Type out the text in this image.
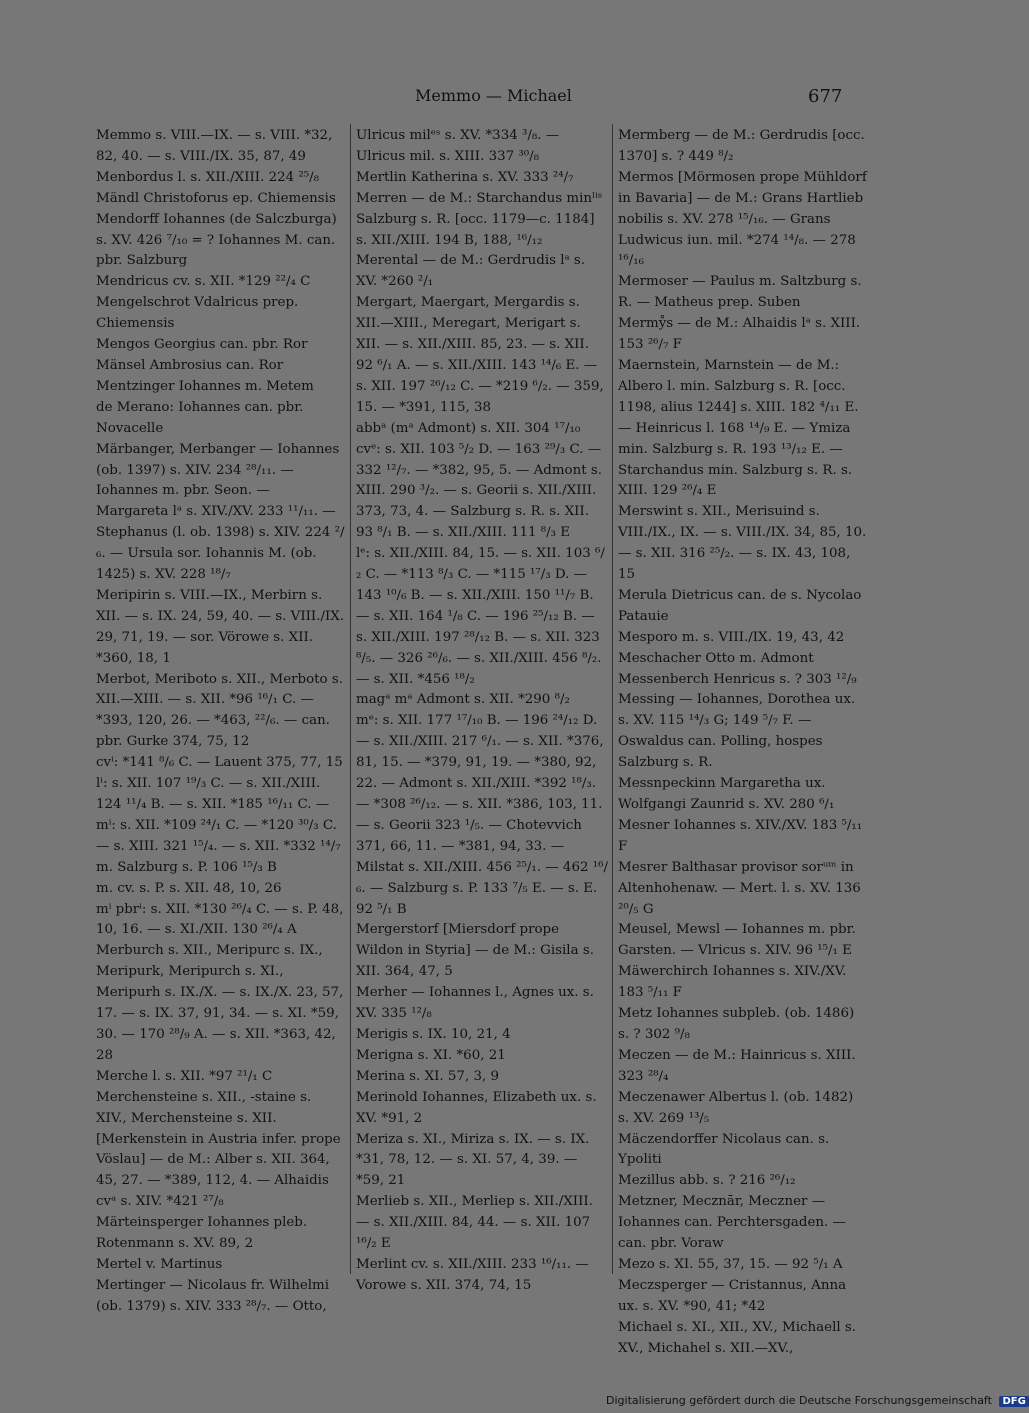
Memmo — Michael	677

Memmo s. VIII.—IX. — s. VIII. *32, 82, 40. — s. VIII./IX. 35, 87, 49

Menbordus l. s. XII./XIII. 224 ²⁵/₈

Mändl Christoforus ep. Chiemensis

Mendorff Iohannes (de Salczburga) s. XV. 426 ⁷/₁₀ = ? Iohannes M. can. pbr. Salzburg

Mendricus cv. s. XII. *129 ²²/₄ C

Mengelschrot Vdalricus prep. Chiemensis

Mengos Georgius can. pbr. Ror

Mänsel Ambrosius can. Ror

Mentzinger Iohannes m. Metem

de Merano: Iohannes can. pbr. Novacelle

Märbanger, Merbanger — Iohannes (ob. 1397) s. XIV. 234 ²⁸/₁₁. — Iohannes m. pbr. Seon. — Margareta lᵃ s. XIV./XV. 233 ¹¹/₁₁. — Stephanus (l. ob. 1398) s. XIV. 224 ²/₆. — Ursula sor. Iohannis M. (ob. 1425) s. XV. 228 ¹⁸/₇

Meripirin s. VIII.—IX., Merbirn s. XII. — s. IX. 24, 59, 40. — s. VIII./IX. 29, 71, 19. — sor. Vörowe s. XII. *360, 18, 1

Merbot, Meriboto s. XII., Merboto s. XII.—XIII. — s. XII. *96 ¹⁶/₁ C. — *393, 120, 26. — *463, ²²/₆. — can. pbr. Gurke 374, 75, 12

cvⁱ: *141 ⁸/₆ C. — Lauent 375, 77, 15

lⁱ: s. XII. 107 ¹⁹/₃ C. — s. XII./XIII. 124 ¹¹/₄ B. — s. XII. *185 ¹⁶/₁₁ C. — mⁱ: s. XII. *109 ²⁴/₁ C. — *120 ³⁰/₃ C. — s. XIII. 321 ¹⁵/₄. — s. XII. *332 ¹⁴/₇

m. Salzburg s. P. 106 ¹⁵/₃ B

m. cv. s. P. s. XII. 48, 10, 26

mⁱ pbrⁱ: s. XII. *130 ²⁶/₄ C. — s. P. 48, 10, 16. — s. XI./XII. 130 ²⁶/₄ A

Merburch s. XII., Meripurc s. IX., Meripurk, Meripurch s. XI., Meripurh s. IX./X. — s. IX./X. 23, 57, 17. — s. IX. 37, 91, 34. — s. XI. *59, 30. — 170 ²⁸/₉ A. — s. XII. *363, 42, 28

Merche l. s. XII. *97 ²¹/₁ C

Merchensteine s. XII., -staine s. XIV., Merchensteine s. XII. [Merkenstein in Austria infer. prope Vöslau] — de M.: Alber s. XII. 364, 45, 27. — *389, 112, 4. — Alhaidis cvᵃ s. XIV. *421 ²⁷/₈

Märteinsperger Iohannes pleb. Rotenmann s. XV. 89, 2

Mertel v. Martinus

Mertinger — Nicolaus fr. Wilhelmi (ob. 1379) s. XIV. 333 ²⁸/₇. — Otto,

Ulricus milᵉˢ s. XV. *334 ³/₈. — Ulricus mil. s. XIII. 337 ³⁰/₈

Mertlin Katherina s. XV. 333 ²⁴/₇

Merren — de M.: Starchandus minˡⁱˢ Salzburg s. R. [occ. 1179—c. 1184] s. XII./XIII. 194 B, 188, ¹⁶/₁₂

Merental — de M.: Gerdrudis lᵃ s. XV. *260 ²/₁

Mergart, Maergart, Mergardis s. XII.—XIII., Meregart, Merigart s. XII. — s. XII./XIII. 85, 23. — s. XII. 92 ⁶/₁ A. — s. XII./XIII. 143 ¹⁴/₆ E. — s. XII. 197 ²⁶/₁₂ C. — *219 ⁶/₂. — 359, 15. — *391, 115, 38

abbᵃ (mᵃ Admont) s. XII. 304 ¹⁷/₁₀

cvᵉ: s. XII. 103 ⁵/₂ D. — 163 ²⁹/₃ C. — 332 ¹²/₇. — *382, 95, 5. — Admont s. XIII. 290 ³/₂. — s. Georii s. XII./XIII. 373, 73, 4. — Salzburg s. R. s. XII. 93 ⁸/₁ B. — s. XII./XIII. 111 ⁸/₃ E

lᵉ: s. XII./XIII. 84, 15. — s. XII. 103 ⁶/₂ C. — *113 ⁸/₃ C. — *115 ¹⁷/₃ D. — 143 ¹⁰/₆ B. — s. XII./XIII. 150 ¹¹/₇ B. — s. XII. 164 ¹/₈ C. — 196 ²⁵/₁₂ B. — s. XII./XIII. 197 ²⁸/₁₂ B. — s. XII. 323 ⁸/₅. — 326 ²⁶/₆. — s. XII./XIII. 456 ⁸/₂. — s. XII. *456 ¹⁸/₂

magᵃ mᵃ Admont s. XII. *290 ⁸/₂

mᵉ: s. XII. 177 ¹⁷/₁₀ B. — 196 ²⁴/₁₂ D. — s. XII./XIII. 217 ⁶/₁. — s. XII. *376, 81, 15. — *379, 91, 19. — *380, 92, 22. — Admont s. XII./XIII. *392 ¹⁸/₃. — *308 ²⁶/₁₂. — s. XII. *386, 103, 11. — s. Georii 323 ¹/₅. — Chotevvich 371, 66, 11. — *381, 94, 33. — Milstat s. XII./XIII. 456 ²⁵/₁. — 462 ¹⁶/₆. — Salzburg s. P. 133 ⁷/₅ E. — s. E. 92 ⁵/₁ B

Mergerstorf [Miersdorf prope Wildon in Styria] — de M.: Gisila s. XII. 364, 47, 5

Merher — Iohannes l., Agnes ux. s. XV. 335 ¹²/₈

Merigis s. IX. 10, 21, 4

Merigna s. XI. *60, 21

Merina s. XI. 57, 3, 9

Merinold Iohannes, Elizabeth ux. s. XV. *91, 2

Meriza s. XI., Miriza s. IX. — s. IX. *31, 78, 12. — s. XI. 57, 4, 39. — *59, 21

Merlieb s. XII., Merliep s. XII./XIII. — s. XII./XIII. 84, 44. — s. XII. 107 ¹⁶/₂ E

Merlint cv. s. XII./XIII. 233 ¹⁶/₁₁. — Vorowe s. XII. 374, 74, 15

Mermberg — de M.: Gerdrudis [occ. 1370] s. ? 449 ⁸/₂

Mermos [Mörmosen prope Mühldorf in Bavaria] — de M.: Grans Hartlieb nobilis s. XV. 278 ¹⁵/₁₆. — Grans Ludwicus iun. mil. *274 ¹⁴/₈. — 278 ¹⁶/₁₆

Mermoser — Paulus m. Saltzburg s. R. — Matheus prep. Suben

Mermẙs — de M.: Alhaidis lᵃ s. XIII. 153 ²⁶/₇ F

Maernstein, Marnstein — de M.: Albero l. min. Salzburg s. R. [occ. 1198, alius 1244] s. XIII. 182 ⁴/₁₁ E. — Heinricus l. 168 ¹⁴/₉ E. — Ymiza min. Salzburg s. R. 193 ¹³/₁₂ E. — Starchandus min. Salzburg s. R. s. XIII. 129 ²⁶/₄ E

Merswint s. XII., Merisuind s. VIII./IX., IX. — s. VIII./IX. 34, 85, 10. — s. XII. 316 ²⁵/₂. — s. IX. 43, 108, 15

Merula Dietricus can. de s. Nycolao Patauie

Mesporo m. s. VIII./IX. 19, 43, 42

Meschacher Otto m. Admont

Messenberch Henricus s. ? 303 ¹²/₉

Messing — Iohannes, Dorothea ux. s. XV. 115 ¹⁴/₃ G; 149 ⁵/₇ F. — Oswaldus can. Polling, hospes Salzburg s. R.

Messnpeckinn Margaretha ux. Wolfgangi Zaunrid s. XV. 280 ⁶/₁

Mesner Iohannes s. XIV./XV. 183 ⁵/₁₁ F

Mesrer Balthasar provisor sorᵘᵐ in Altenhohenaw. — Mert. l. s. XV. 136 ²⁰/₅ G

Meusel, Mewsl — Iohannes m. pbr. Garsten. — Vlricus s. XIV. 96 ¹⁵/₁ E

Mäwerchirch Iohannes s. XIV./XV. 183 ⁵/₁₁ F

Metz Iohannes subpleb. (ob. 1486) s. ? 302 ⁹/₈

Meczen — de M.: Hainricus s. XIII. 323 ²⁸/₄

Meczenawer Albertus l. (ob. 1482) s. XV. 269 ¹³/₅

Mäczendorffer Nicolaus can. s. Ypoliti

Mezillus abb. s. ? 216 ²⁶/₁₂

Metzner, Mecznār, Meczner — Iohannes can. Perchtersgaden. — can. pbr. Voraw

Mezo s. XI. 55, 37, 15. — 92 ⁵/₁ A

Meczsperger — Cristannus, Anna ux. s. XV. *90, 41; *42

Michael s. XI., XII., XV., Michaell s. XV., Michahel s. XII.—XV.,

Digitalisierung gefördert durch die Deutsche Forschungsgemeinschaft DFG
